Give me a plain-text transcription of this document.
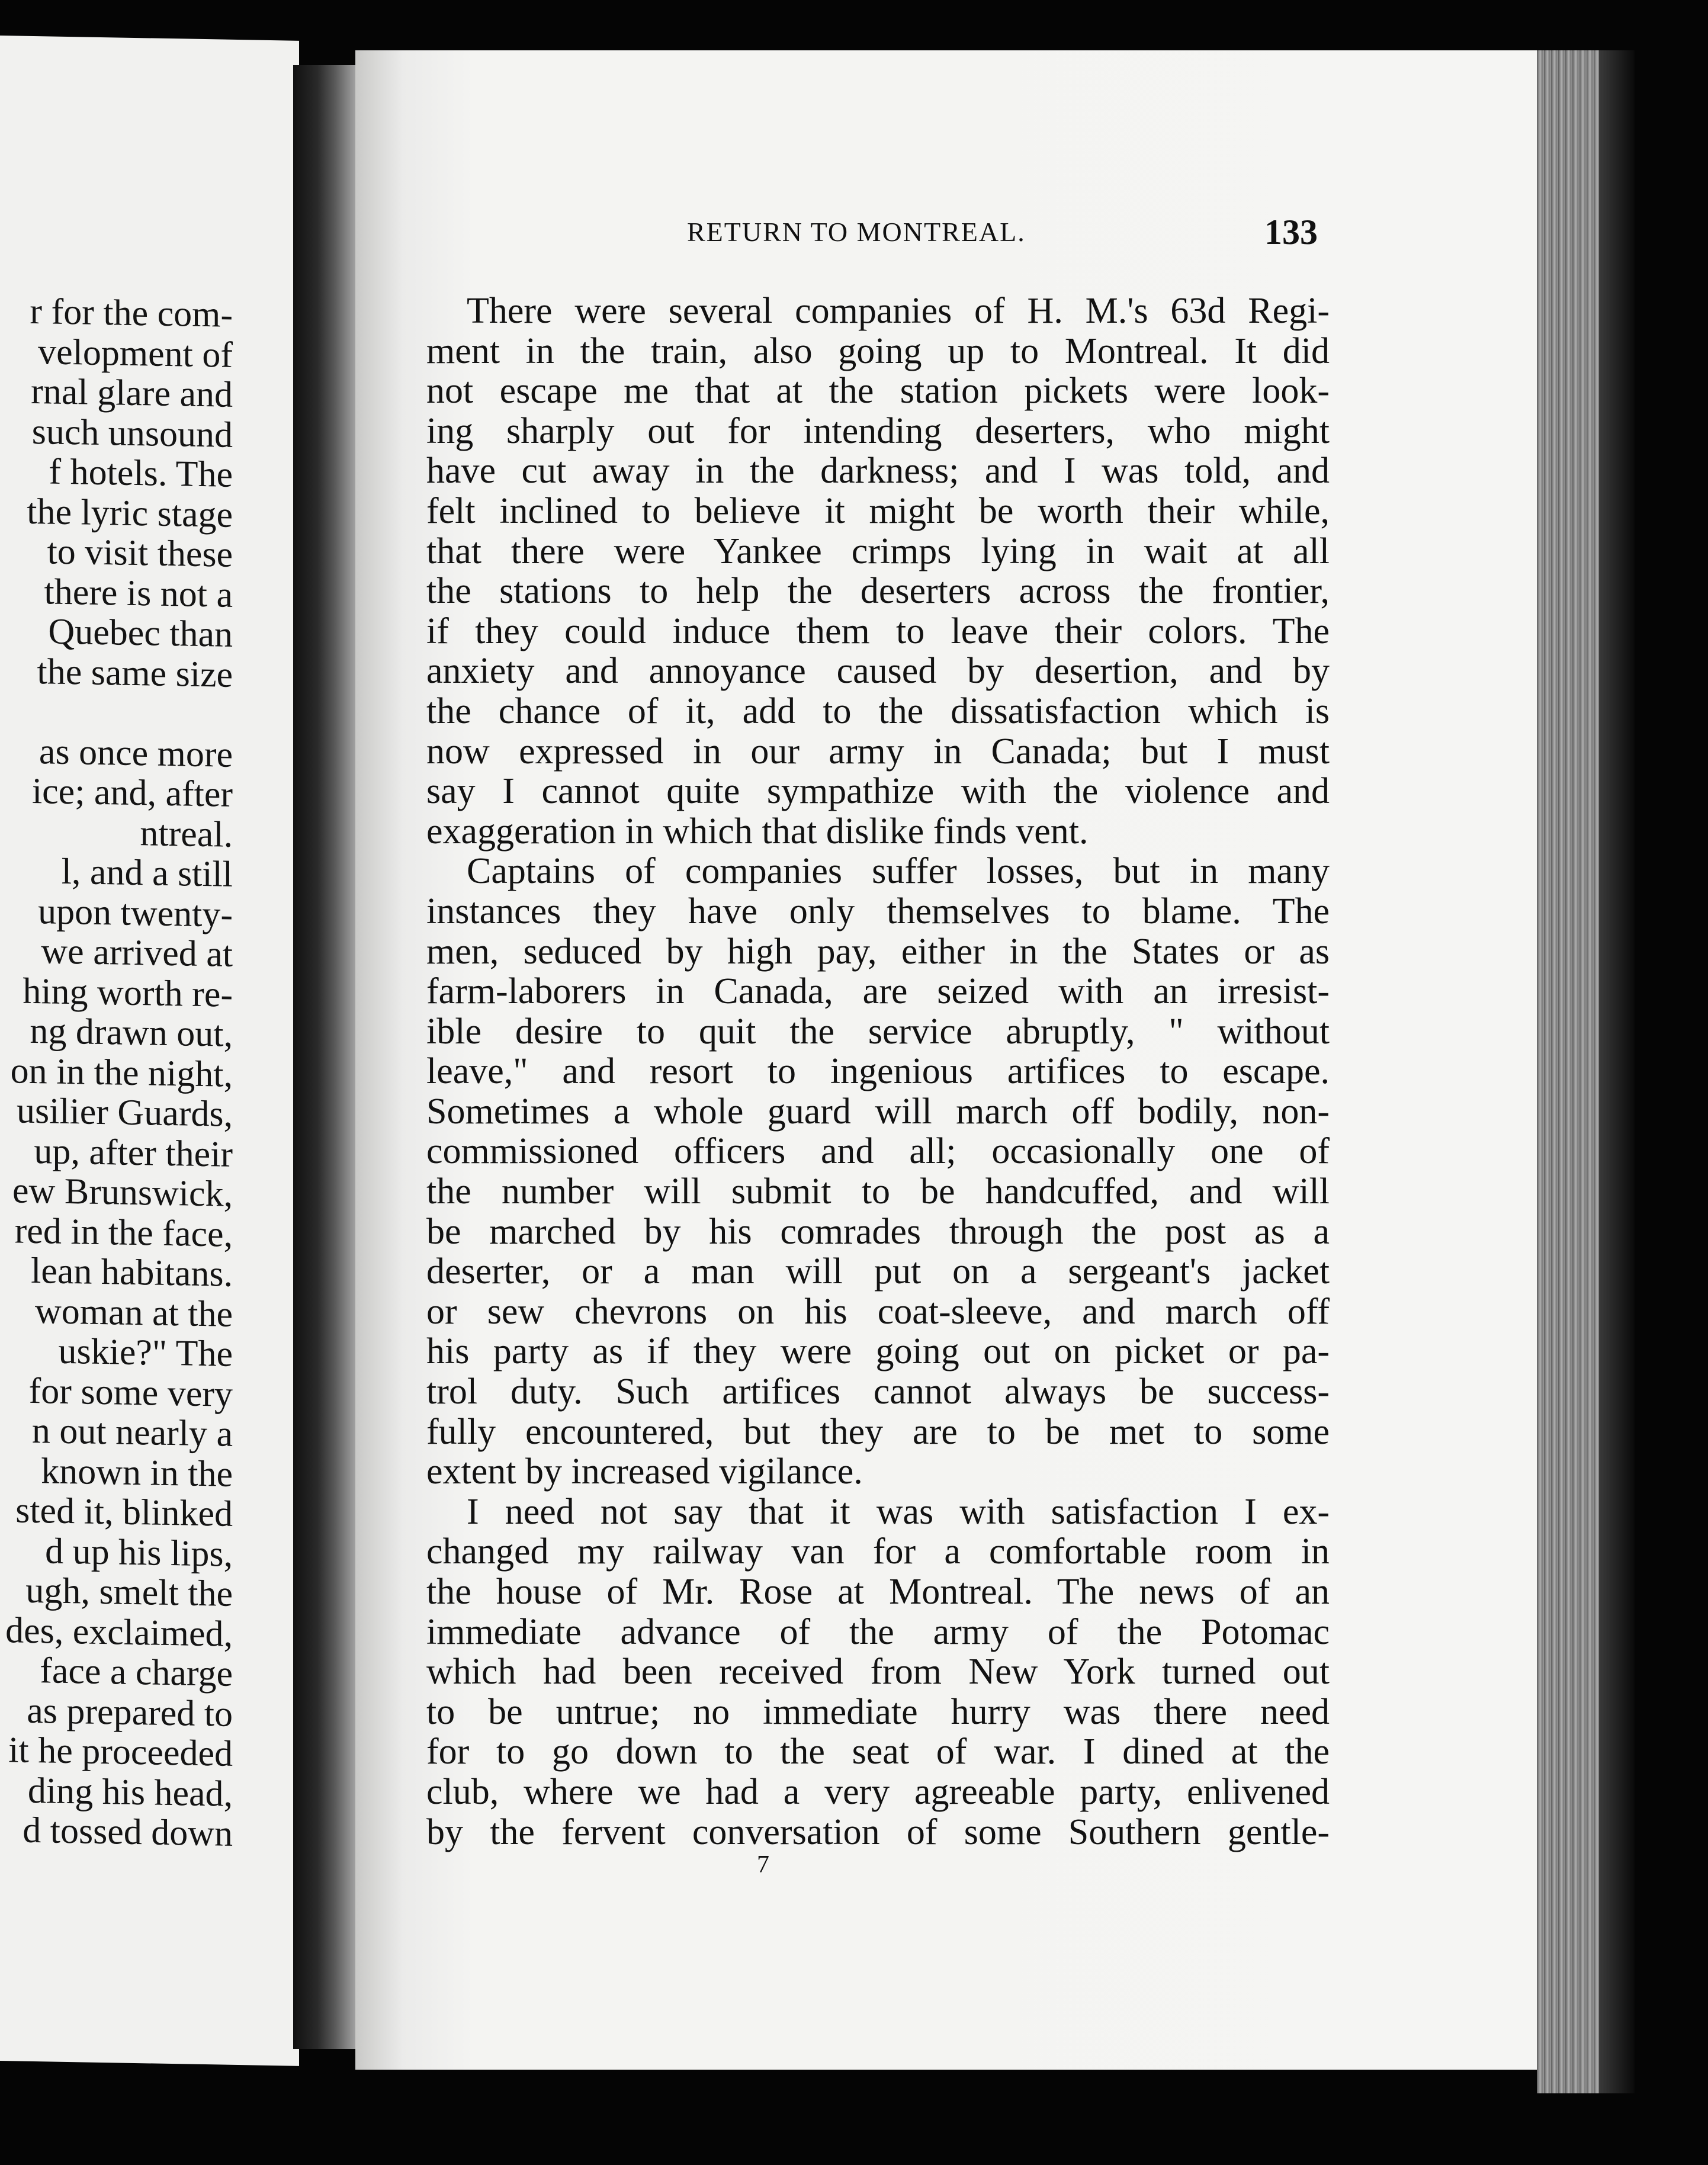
r for the com-
velopment of
rnal glare and
such unsound
f hotels. The
the lyric stage
to visit these
there is not a
Quebec than
the same size
as once more
ice; and, after
ntreal.
l, and a still
upon twenty-
we arrived at
hing worth re-
ng drawn out,
on in the night,
usilier Guards,
up, after their
ew Brunswick,
red in the face,
lean habitans.
woman at the
uskie?" The
for some very
n out nearly a
known in the
sted it, blinked
d up his lips,
ugh, smelt the
des, exclaimed,
face a charge
as prepared to
it he proceeded
ding his head,
d tossed down
RETURN TO MONTREAL.	133
There were several companies of H. M.'s 63d Regi-
ment in the train, also going up to Montreal. It did
not escape me that at the station pickets were look-
ing sharply out for intending deserters, who might
have cut away in the darkness; and I was told, and
felt inclined to believe it might be worth their while,
that there were Yankee crimps lying in wait at all
the stations to help the deserters across the frontier,
if they could induce them to leave their colors. The
anxiety and annoyance caused by desertion, and by
the chance of it, add to the dissatisfaction which is
now expressed in our army in Canada; but I must
say I cannot quite sympathize with the violence and
exaggeration in which that dislike finds vent.
Captains of companies suffer losses, but in many
instances they have only themselves to blame. The
men, seduced by high pay, either in the States or as
farm-laborers in Canada, are seized with an irresist-
ible desire to quit the service abruptly, " without
leave," and resort to ingenious artifices to escape.
Sometimes a whole guard will march off bodily, non-
commissioned officers and all; occasionally one of
the number will submit to be handcuffed, and will
be marched by his comrades through the post as a
deserter, or a man will put on a sergeant's jacket
or sew chevrons on his coat-sleeve, and march off
his party as if they were going out on picket or pa-
trol duty. Such artifices cannot always be success-
fully encountered, but they are to be met to some
extent by increased vigilance.
I need not say that it was with satisfaction I ex-
changed my railway van for a comfortable room in
the house of Mr. Rose at Montreal. The news of an
immediate advance of the army of the Potomac
which had been received from New York turned out
to be untrue; no immediate hurry was there need
for to go down to the seat of war. I dined at the
club, where we had a very agreeable party, enlivened
by the fervent conversation of some Southern gentle-
7
